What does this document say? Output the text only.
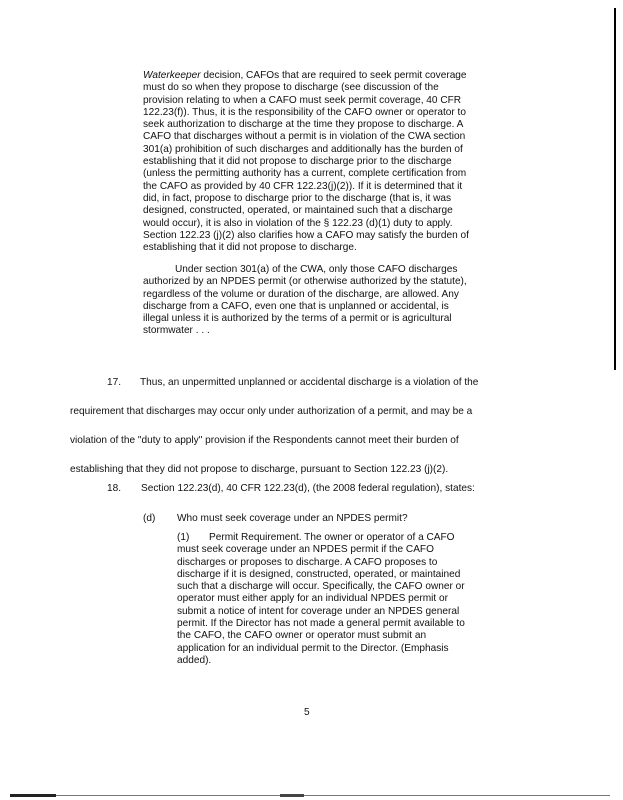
Waterkeeper decision, CAFOs that are required to seek permit coverage
must do so when they propose to discharge (see discussion of the
provision relating to when a CAFO must seek permit coverage, 40 CFR
122.23(f)). Thus, it is the responsibility of the CAFO owner or operator to
seek authorization to discharge at the time they propose to discharge. A
CAFO that discharges without a permit is in violation of the CWA section
301(a) prohibition of such discharges and additionally has the burden of
establishing that it did not propose to discharge prior to the discharge
(unless the permitting authority has a current, complete certification from
the CAFO as provided by 40 CFR 122.23(j)(2)). If it is determined that it
did, in fact, propose to discharge prior to the discharge (that is, it was
designed, constructed, operated, or maintained such that a discharge
would occur), it is also in violation of the § 122.23 (d)(1) duty to apply.
Section 122.23 (j)(2) also clarifies how a CAFO may satisfy the burden of
establishing that it did not propose to discharge.
Under section 301(a) of the CWA, only those CAFO discharges
authorized by an NPDES permit (or otherwise authorized by the statute),
regardless of the volume or duration of the discharge, are allowed. Any
discharge from a CAFO, even one that is unplanned or accidental, is
illegal unless it is authorized by the terms of a permit or is agricultural
stormwater . . .
17. Thus, an unpermitted unplanned or accidental discharge is a violation of the
requirement that discharges may occur only under authorization of a permit, and may be a
violation of the "duty to apply" provision if the Respondents cannot meet their burden of
establishing that they did not propose to discharge, pursuant to Section 122.23 (j)(2).
18. Section 122.23(d), 40 CFR 122.23(d), (the 2008 federal regulation), states:
(d) Who must seek coverage under an NPDES permit?
(1) Permit Requirement. The owner or operator of a CAFO
must seek coverage under an NPDES permit if the CAFO
discharges or proposes to discharge. A CAFO proposes to
discharge if it is designed, constructed, operated, or maintained
such that a discharge will occur. Specifically, the CAFO owner or
operator must either apply for an individual NPDES permit or
submit a notice of intent for coverage under an NPDES general
permit. If the Director has not made a general permit available to
the CAFO, the CAFO owner or operator must submit an
application for an individual permit to the Director. (Emphasis
added).
5
